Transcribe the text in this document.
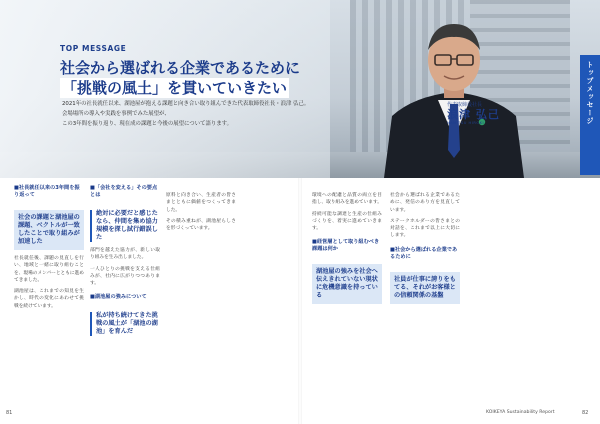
TOP MESSAGE
社会から選ばれる企業であるために
「挑戦の風土」を貫いていきたい

2021年の社長就任以来、湖池屋が抱える課題と向き合い取り組んできた代表取締役社長・浪津 弘己。

会場場所の導入や実践を事例でみた展望が、

この3年間を振り返り、現在成の課題と今後の展望について語ります。

代表取締役社長
浪津 弘己
NAMITSU HIROKI	トップメッセージ
■社長就任以来の3年間を振り返って
社会の課題と湖池屋の課題、ベクトルが一致したことで取り組みが加速した

社長就任後、課題の見直しを行い、地域と一緒に取り組むことを、現場のメンバーとともに進めてきました。

湖池屋は、これまでの知見を生かし、時代の変化にあわせて挑戦を続けています。

■「会社を変える」その要点とは
絶対に必要だと感じたなら、仲間を集め協力規模を探し試行錯誤した

部門を越えた協力が、新しい取り組みを生み出しました。

一人ひとりの挑戦を支える仕組みが、社内に広がりつつあります。

■湖池屋の強みについて
私が持ち続けてきた挑戦の風土が「湖池の湖池」を育んだ

原料と向き合い、生産者の皆さまとともに価値をつくってきました。

その積み重ねが、湖池屋らしさを形づくっています。

環境への配慮と品質の両立を目指し、取り組みを進めています。

持続可能な調達と生産の仕組みづくりを、着実に進めていきます。

■経営層として取り組むべき課題は何か
湖池屋の強みを社会へ伝えきれていない現状に危機意識を持っている

社会から選ばれる企業であるために、発信のあり方を見直しています。

ステークホルダーの皆さまとの対話を、これまで以上に大切にします。

■社会から選ばれる企業であるために
社員が仕事に誇りをもてる、それがお客様との信頼関係の基盤
81	KOIKEYA Sustainability Report	82
